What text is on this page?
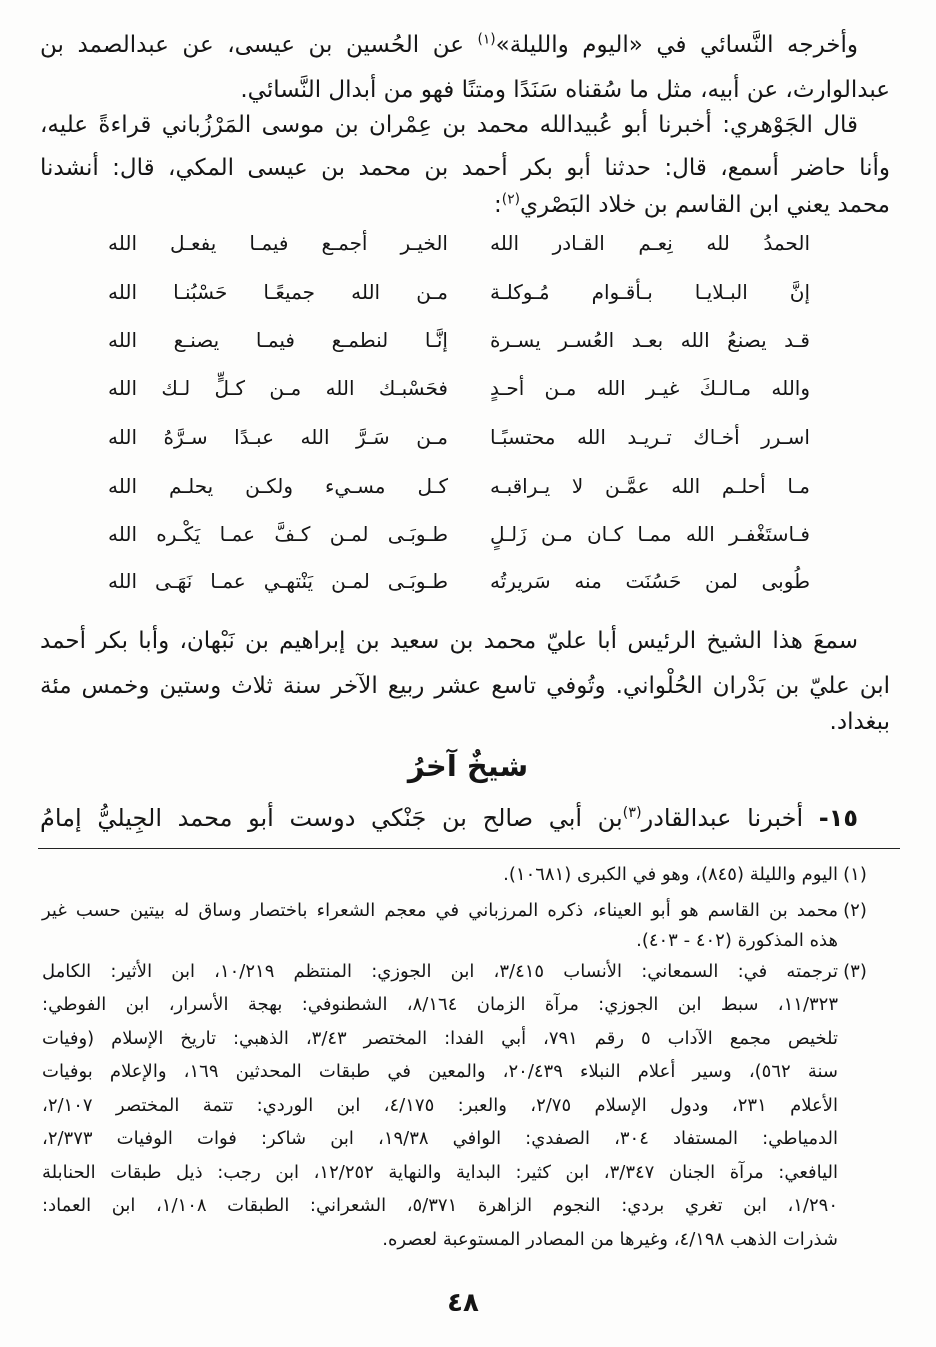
وأخرجه النَّسائي في «اليوم والليلة»$^{(١)}$ عن الحُسين بن عيسى، عن عبدالصمد بن
عبدالوارث، عن أبيه، مثل ما سُقناه سَنَدًا ومتنًا فهو من أبدال النَّسائي.
قال الجَوْهري: أخبرنا أبو عُبيدالله محمد بن عِمْران بن موسى المَرْزُباني قراءةً عليه،
وأنا حاضر أسمع، قال: حدثنا أبو بكر أحمد بن محمد بن عيسى المكي، قال: أنشدنا
محمد يعني ابن القاسم بن خلاد البَصْري$^{(٢)}$:
الحمدُ لله نِعـم القـادر الله
الخيـر أجمـع فيمـا يفعـل الله
إنَّ البـلايـا بـأقـوام مُـوكلـة
مـن الله جميعًـا حَسْبُنـا الله
قـد يصنعُ الله بعـد العُسـر يسـرة
إنَّـا لنطمـع فيمـا يصنـع الله
والله مـالـكَ غيـر الله مـن أحـدٍ
فحَسْبـك الله مـن كـلٍّ لـك الله
اسـرر أخـاك تـريـد الله محتسبًـا
مـن سَـرَّ الله عبـدًا سـرَّهُ الله
مـا أحلـم الله عمَّـن لا يـراقبـه
كـل مسـيء ولكـن يحلـم الله
فـاستَغْفـر الله ممـا كـان مـن زَلـلٍ
طـوبَـى لمـن كـفَّ عمـا يَكْـره الله
طُوبى لمن حَسُنَت منه سَريرتُه
طـوبَـى لمـن يَنْتهـي عمـا نَهَـى الله
سمعَ هذا الشيخ الرئيس أبا عليّ محمد بن سعيد بن إبراهيم بن نَبْهان، وأبا بكر أحمد
ابن عليّ بن بَدْران الحُلْواني. وتُوفي تاسع عشر ربيع الآخر سنة ثلاث وستين وخمس مئة
ببغداد.
شيخٌ آخرُ
١٥- أخبرنا عبدالقادر$^{(٣)}$بن أبي صالح بن جَنْكي دوست أبو محمد الجِيليُّ إمامُ
(١)
اليوم والليلة (٨٤٥)، وهو في الكبرى (١٠٦٨١).
(٢)
محمد بن القاسم هو أبو العيناء، ذكره المرزباني في معجم الشعراء باختصار وساق له بيتين حسب غير
هذه المذكورة (٤٠٢ - ٤٠٣).
(٣)
ترجمته في: السمعاني: الأنساب ٣/٤١٥، ابن الجوزي: المنتظم ١٠/٢١٩، ابن الأثير: الكامل
١١/٣٢٣، سبط ابن الجوزي: مرآة الزمان ٨/١٦٤، الشطنوفي: بهجة الأسرار، ابن الفوطي:
تلخيص مجمع الآداب ٥ رقم ٧٩١، أبي الفدا: المختصر ٣/٤٣، الذهبي: تاريخ الإسلام (وفيات
سنة ٥٦٢)، وسير أعلام النبلاء ٢٠/٤٣٩، والمعين في طبقات المحدثين ١٦٩، والإعلام بوفيات
الأعلام ٢٣١، ودول الإسلام ٢/٧٥، والعبر: ٤/١٧٥، ابن الوردي: تتمة المختصر ٢/١٠٧،
الدمياطي: المستفاد ٣٠٤، الصفدي: الوافي ١٩/٣٨، ابن شاكر: فوات الوفيات ٢/٣٧٣،
اليافعي: مرآة الجنان ٣/٣٤٧، ابن كثير: البداية والنهاية ١٢/٢٥٢، ابن رجب: ذيل طبقات الحنابلة
١/٢٩٠، ابن تغري بردي: النجوم الزاهرة ٥/٣٧١، الشعراني: الطبقات ١/١٠٨، ابن العماد:
شذرات الذهب ٤/١٩٨، وغيرها من المصادر المستوعبة لعصره.
٤٨
